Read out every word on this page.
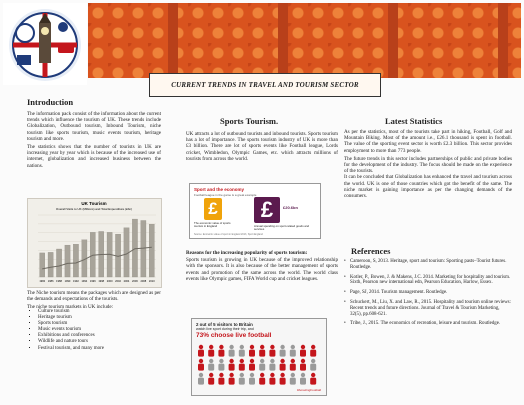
CURRENT TRENDS IN TRAVEL AND TOURISM SECTOR
Introduction

The information pack consist of the information about the current trends which influence the tourism of UK. These trends include Globalization, Outbound tourism, Inbound Tourism, niche tourism like sports tourism, music events tourism, heritage tourism and more.

The statistics shows that the number of tourists in UK are increasing year by year which is because of the increased use of internet, globalization and increased business between the nations.

UK Tourism
Overall Visits to UK (Millions) and Total Expenditure (£bn)
1984 1986 1988 1990 1992 1994 1996 1998 2000 2002 2004 2006 2008 2010

The Niche tourism means the packages which are designed as per the demands and expectations of the tourists.

The niche tourism markets in UK include:

▪ Culture tourism
▪ Heritage tourism
▪ Sports tourism
▪ Music events tourism
▪ Exhibitions and conferences
▪ Wildlife and nature tours
▪ Festival tourism, and many more
Sports Tourism.

UK attracts a lot of outbound tourists and inbound tourists. Sports tourism has a lot of importance. The sports tourism industry of UK is more than £3 billion. There are lot of sports events like Football league, Lords cricket, Wimbledon, Olympic Games, etc. which attracts millions of tourists from across the world.

Sport and the economy
Football league in the game is a great example
£
The economic value of sports tourism in England
£	£20.6bn
Annual spending on sport-related goods and services
Source: Economic value of sport in England 2013, Sport England

Reasons for the increasing popularity of sports tourism:

Sports tourism is growing in UK because of the improved relationship with the sponsors. It is also because of the better management of sports events and promotion of the same across the world. The world class events like Olympic games, FIFA World cup and cricket leagues.

2 out of 5 visitors to Britain
watch live sport during their trip, and
73% choose live football
#AmazingFootball
Latest Statistics

As per the statistics, most of the tourists take part in hiking, Football, Golf and Mountain Biking. Most of the amount i.e., £26.1 thousand is spent in football. The value of the sporting event sector is worth £2.3 billion. This sector provides employment to more than 773 people.

The future trends in this sector includes partnerships of public and private bodies for the development of the industry. The focus should be made on the experience of the tourists.

It can be concluded that Globalization has enhanced the travel and tourism across the world. UK is one of those countries which got the benefit of the same. The niche market is gaining importance as per the changing demands of the consumers.

References
• Cameroon, S, 2013. Heritage, sport and tourism: Sporting pasts–Tourist futures. Routledge.
• Kotler, P., Bowen, J. & Makens, J.C. 2014. Marketing for hospitality and tourism. Sixth, Pearson new international edn, Pearson Education, Harlow, Essex.
• Page, SJ, 2014. Tourism management. Routledge.
• Schuckert, M., Liu, X. and Law, R., 2015. Hospitality and tourism online reviews: Recent trends and future directions. Journal of Travel & Tourism Marketing, 32(5), pp.608-621.
• Tribe, J., 2015. The economics of recreation, leisure and tourism. Routledge.
